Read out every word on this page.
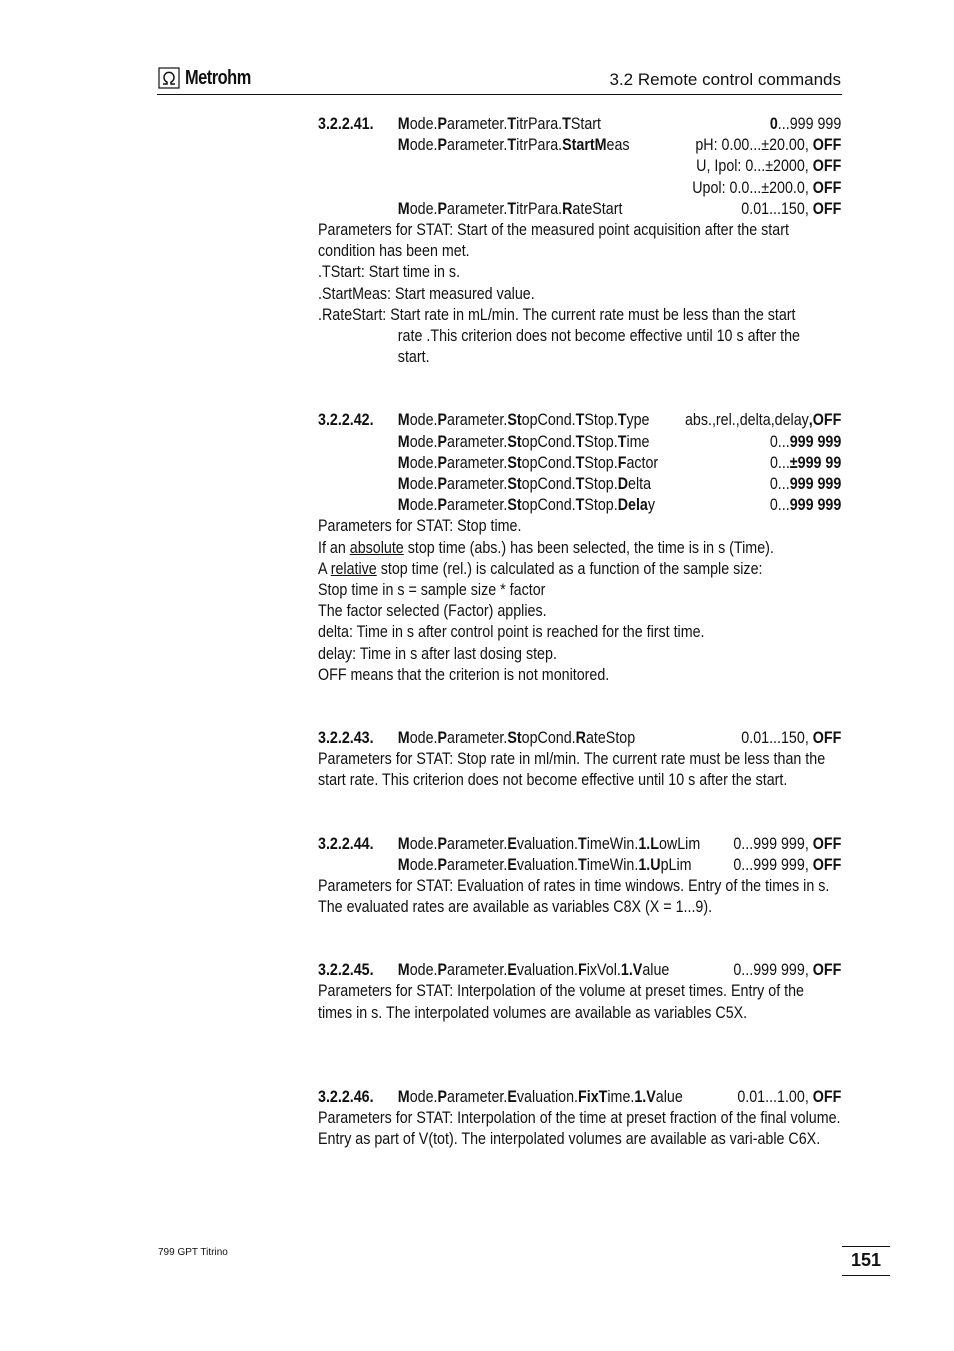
Metrohm	3.2 Remote control commands
3.2.2.41. Mode.Parameter.TitrPara.TStart	0...999 999
Mode.Parameter.TitrPara.StartMeas	pH: 0.00...±20.00, OFF
U, Ipol: 0...±2000, OFF
Upol: 0.0...±200.0, OFF
Mode.Parameter.TitrPara.RateStart	0.01...150, OFF

Parameters for STAT: Start of the measured point acquisition after the start condition has been met.

.TStart: Start time in s.

.StartMeas: Start measured value.

.RateStart: Start rate in mL/min. The current rate must be less than the start

rate .This criterion does not become effective until 10 s after the

start.

3.2.2.42. Mode.Parameter.StopCond.TStop.Type abs.,rel.,delta,delay,OFF
Mode.Parameter.StopCond.TStop.Time	0...999 999
Mode.Parameter.StopCond.TStop.Factor	0...±999 99
Mode.Parameter.StopCond.TStop.Delta	0...999 999
Mode.Parameter.StopCond.TStop.Delay	0...999 999

Parameters for STAT: Stop time.

If an absolute stop time (abs.) has been selected, the time is in s (Time).

A relative stop time (rel.) is calculated as a function of the sample size:

Stop time in s = sample size * factor

The factor selected (Factor) applies.

delta: Time in s after control point is reached for the first time.

delay: Time in s after last dosing step.

OFF means that the criterion is not monitored.

3.2.2.43. Mode.Parameter.StopCond.RateStop	0.01...150, OFF

Parameters for STAT: Stop rate in ml/min. The current rate must be less than the start rate. This criterion does not become effective until 10 s after the start.

3.2.2.44. Mode.Parameter.Evaluation.TimeWin.1.LowLim 0...999 999, OFF
Mode.Parameter.Evaluation.TimeWin.1.UpLim 0...999 999, OFF

Parameters for STAT: Evaluation of rates in time windows. Entry of the times in s. The evaluated rates are available as variables C8X (X = 1...9).

3.2.2.45. Mode.Parameter.Evaluation.FixVol.1.Value	0...999 999, OFF

Parameters for STAT: Interpolation of the volume at preset times. Entry of the times in s. The interpolated volumes are available as variables C5X.

3.2.2.46. Mode.Parameter.Evaluation.FixTime.1.Value	0.01...1.00, OFF

Parameters for STAT: Interpolation of the time at preset fraction of the final volume. Entry as part of V(tot). The interpolated volumes are available as vari-able C6X.

799 GPT Titrino	151
